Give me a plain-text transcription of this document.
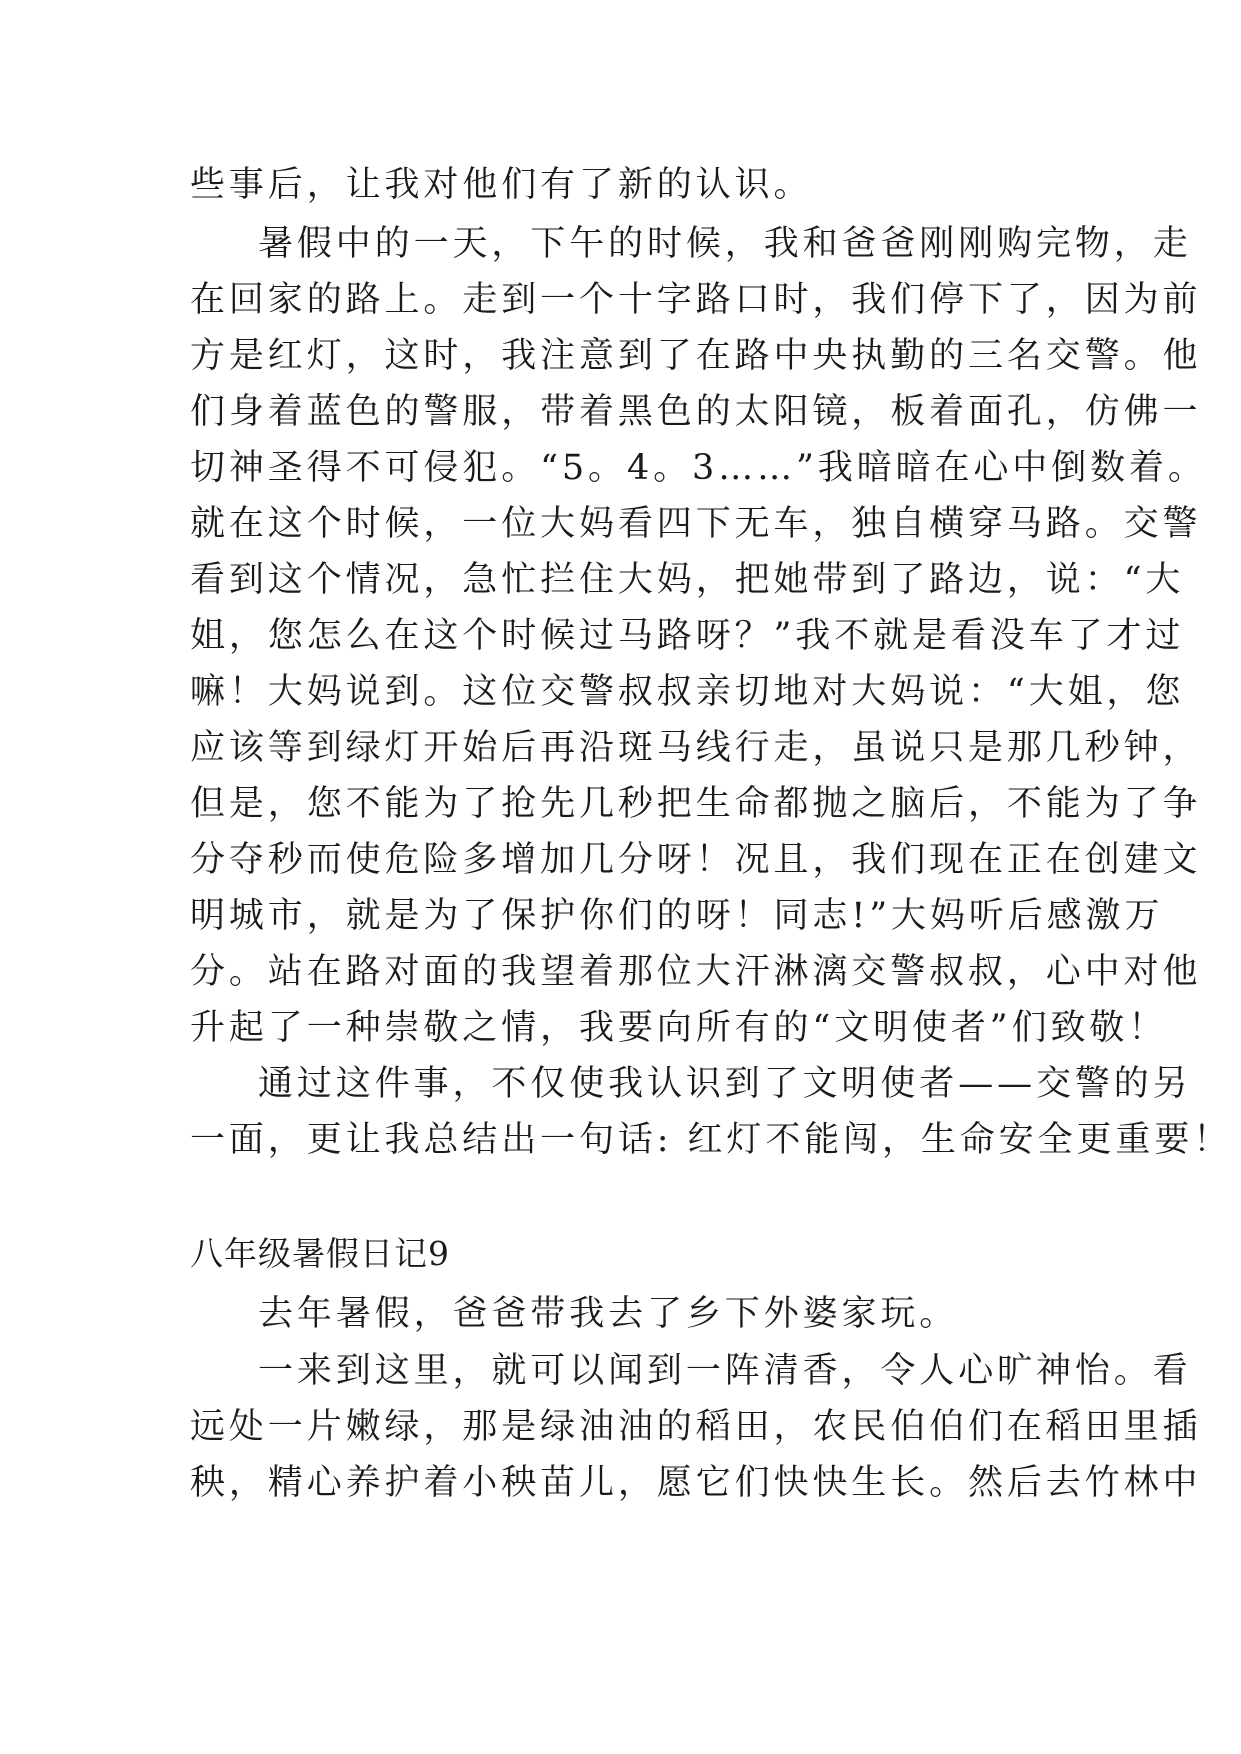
些事后，让我对他们有了新的认识。
暑假中的一天，下午的时候，我和爸爸刚刚购完物，走
在回家的路上。走到一个十字路口时，我们停下了，因为前
方是红灯，这时，我注意到了在路中央执勤的三名交警。他
们身着蓝色的警服，带着黑色的太阳镜，板着面孔，仿佛一
切神圣得不可侵犯。“5。4。3……”我暗暗在心中倒数着。
就在这个时候，一位大妈看四下无车，独自横穿马路。交警
看到这个情况，急忙拦住大妈，把她带到了路边，说：“大
姐，您怎么在这个时候过马路呀？”我不就是看没车了才过
嘛！大妈说到。这位交警叔叔亲切地对大妈说：“大姐，您
应该等到绿灯开始后再沿斑马线行走，虽说只是那几秒钟，
但是，您不能为了抢先几秒把生命都抛之脑后，不能为了争
分夺秒而使危险多增加几分呀！况且，我们现在正在创建文
明城市，就是为了保护你们的呀！同志!”大妈听后感激万
分。站在路对面的我望着那位大汗淋漓交警叔叔，心中对他
升起了一种崇敬之情，我要向所有的“文明使者”们致敬！
通过这件事，不仅使我认识到了文明使者——交警的另
一面，更让我总结出一句话: 红灯不能闯，生命安全更重要！
八年级暑假日记9
去年暑假，爸爸带我去了乡下外婆家玩。
一来到这里，就可以闻到一阵清香，令人心旷神怡。看
远处一片嫩绿，那是绿油油的稻田，农民伯伯们在稻田里插
秧，精心养护着小秧苗儿，愿它们快快生长。然后去竹林中
